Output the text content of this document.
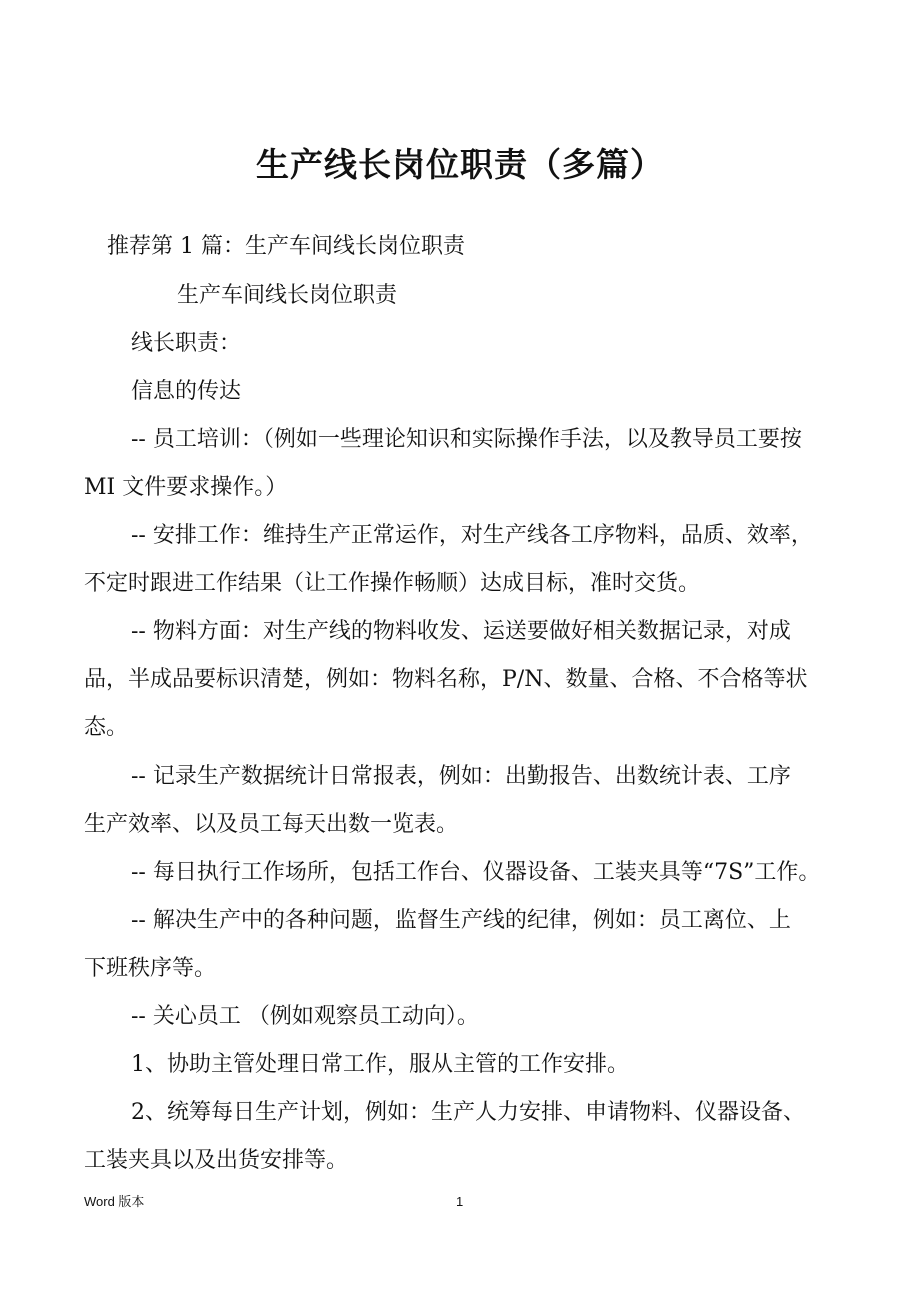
生产线长岗位职责（多篇）
推荐第 1 篇：生产车间线长岗位职责
生产车间线长岗位职责
线长职责：
信息的传达
-- 员工培训：（例如一些理论知识和实际操作手法，以及教导员工要按
MI 文件要求操作。）
-- 安排工作：维持生产正常运作，对生产线各工序物料，品质、效率，
不定时跟进工作结果（让工作操作畅顺）达成目标，准时交货。
-- 物料方面：对生产线的物料收发、运送要做好相关数据记录，对成
品，半成品要标识清楚，例如：物料名称，P/N、数量、合格、不合格等状
态。
-- 记录生产数据统计日常报表，例如：出勤报告、出数统计表、工序
生产效率、以及员工每天出数一览表。
-- 每日执行工作场所，包括工作台、仪器设备、工装夹具等“7S”工作。
-- 解决生产中的各种问题，监督生产线的纪律，例如：员工离位、上
下班秩序等。
-- 关心员工 （例如观察员工动向）。
1、协助主管处理日常工作，服从主管的工作安排。
2、统筹每日生产计划，例如：生产人力安排、申请物料、仪器设备、
工装夹具以及出货安排等。
Word 版本	1
